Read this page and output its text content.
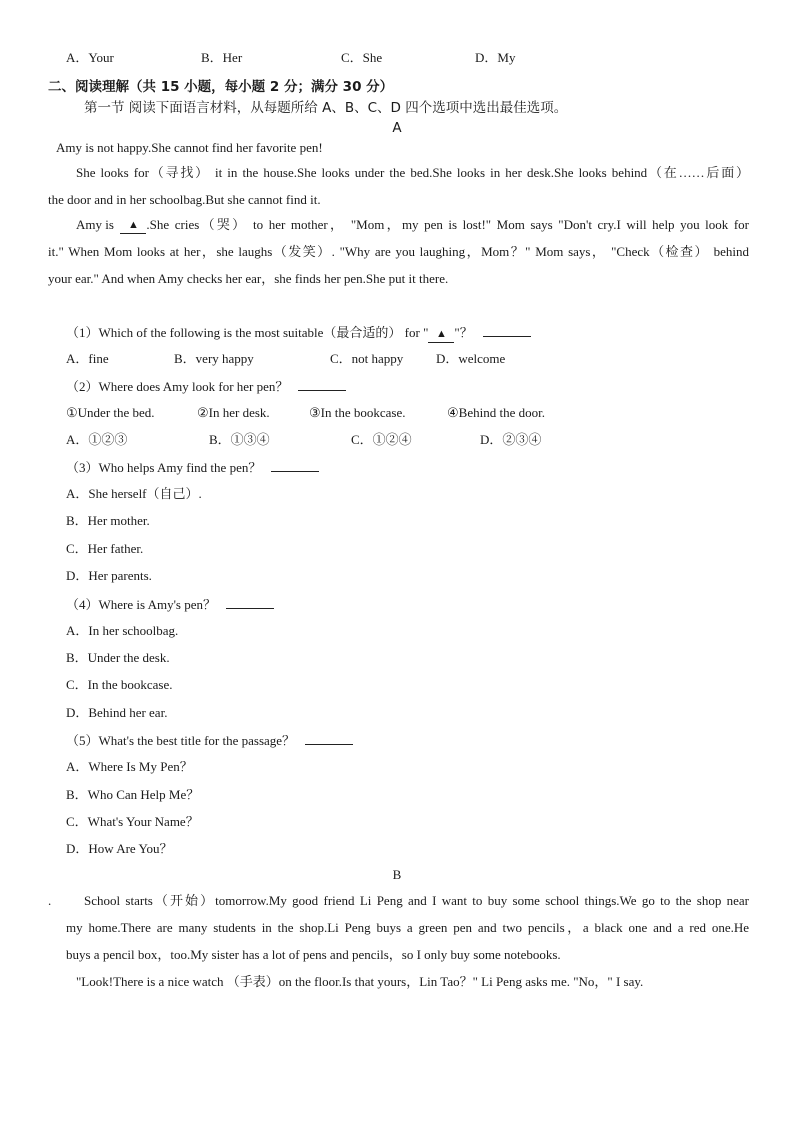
A．Your	B．Her	C．She	D．My
二、阅读理解（共 15 小题，每小题 2 分；满分 30 分）
第一节 阅读下面语言材料，从每题所给 A、B、C、D 四个选项中选出最佳选项。
A
Amy is not happy.She cannot find her favorite pen!
She looks for（寻找） it in the house.She looks under the bed.She looks in her desk.She looks behind（在……后面）
the door and in her schoolbag.But she cannot find it.
Amy is ▲ .She cries（哭） to her mother， "Mom，my pen is lost!" Mom says "Don't cry.I will help you look for
it." When Mom looks at her，she laughs（发笑）. "Why are you laughing，Mom？" Mom says， "Check（检查） behind
your ear." And when Amy checks her ear，she finds her pen.She put it there.
（1）Which of the following is the most suitable（最合适的） for " ▲ "？
A．fine	B．very happy	C．not happy	D．welcome
（2）Where does Amy look for her pen？
①Under the bed.	②In her desk.	③In the bookcase.	④Behind the door.
A．①②③	B．①③④	C．①②④	D．②③④
（3）Who helps Amy find the pen？
A．She herself（自己）.
B．Her mother.
C．Her father.
D．Her parents.
（4）Where is Amy's pen？
A．In her schoolbag.
B．Under the desk.
C．In the bookcase.
D．Behind her ear.
（5）What's the best title for the passage？
A．Where Is My Pen？
B．Who Can Help Me？
C．What's Your Name？
D．How Are You？
B
.	School starts（开始）tomorrow.My good friend Li Peng and I want to buy some school things.We go to the shop near
my home.There are many students in the shop.Li Peng buys a green pen and two pencils，a black one and a red one.He
buys a pencil box，too.My sister has a lot of pens and pencils，so I only buy some notebooks.
"Look!There is a nice watch （手表）on the floor.Is that yours，Lin Tao？" Li Peng asks me. "No，" I say.
